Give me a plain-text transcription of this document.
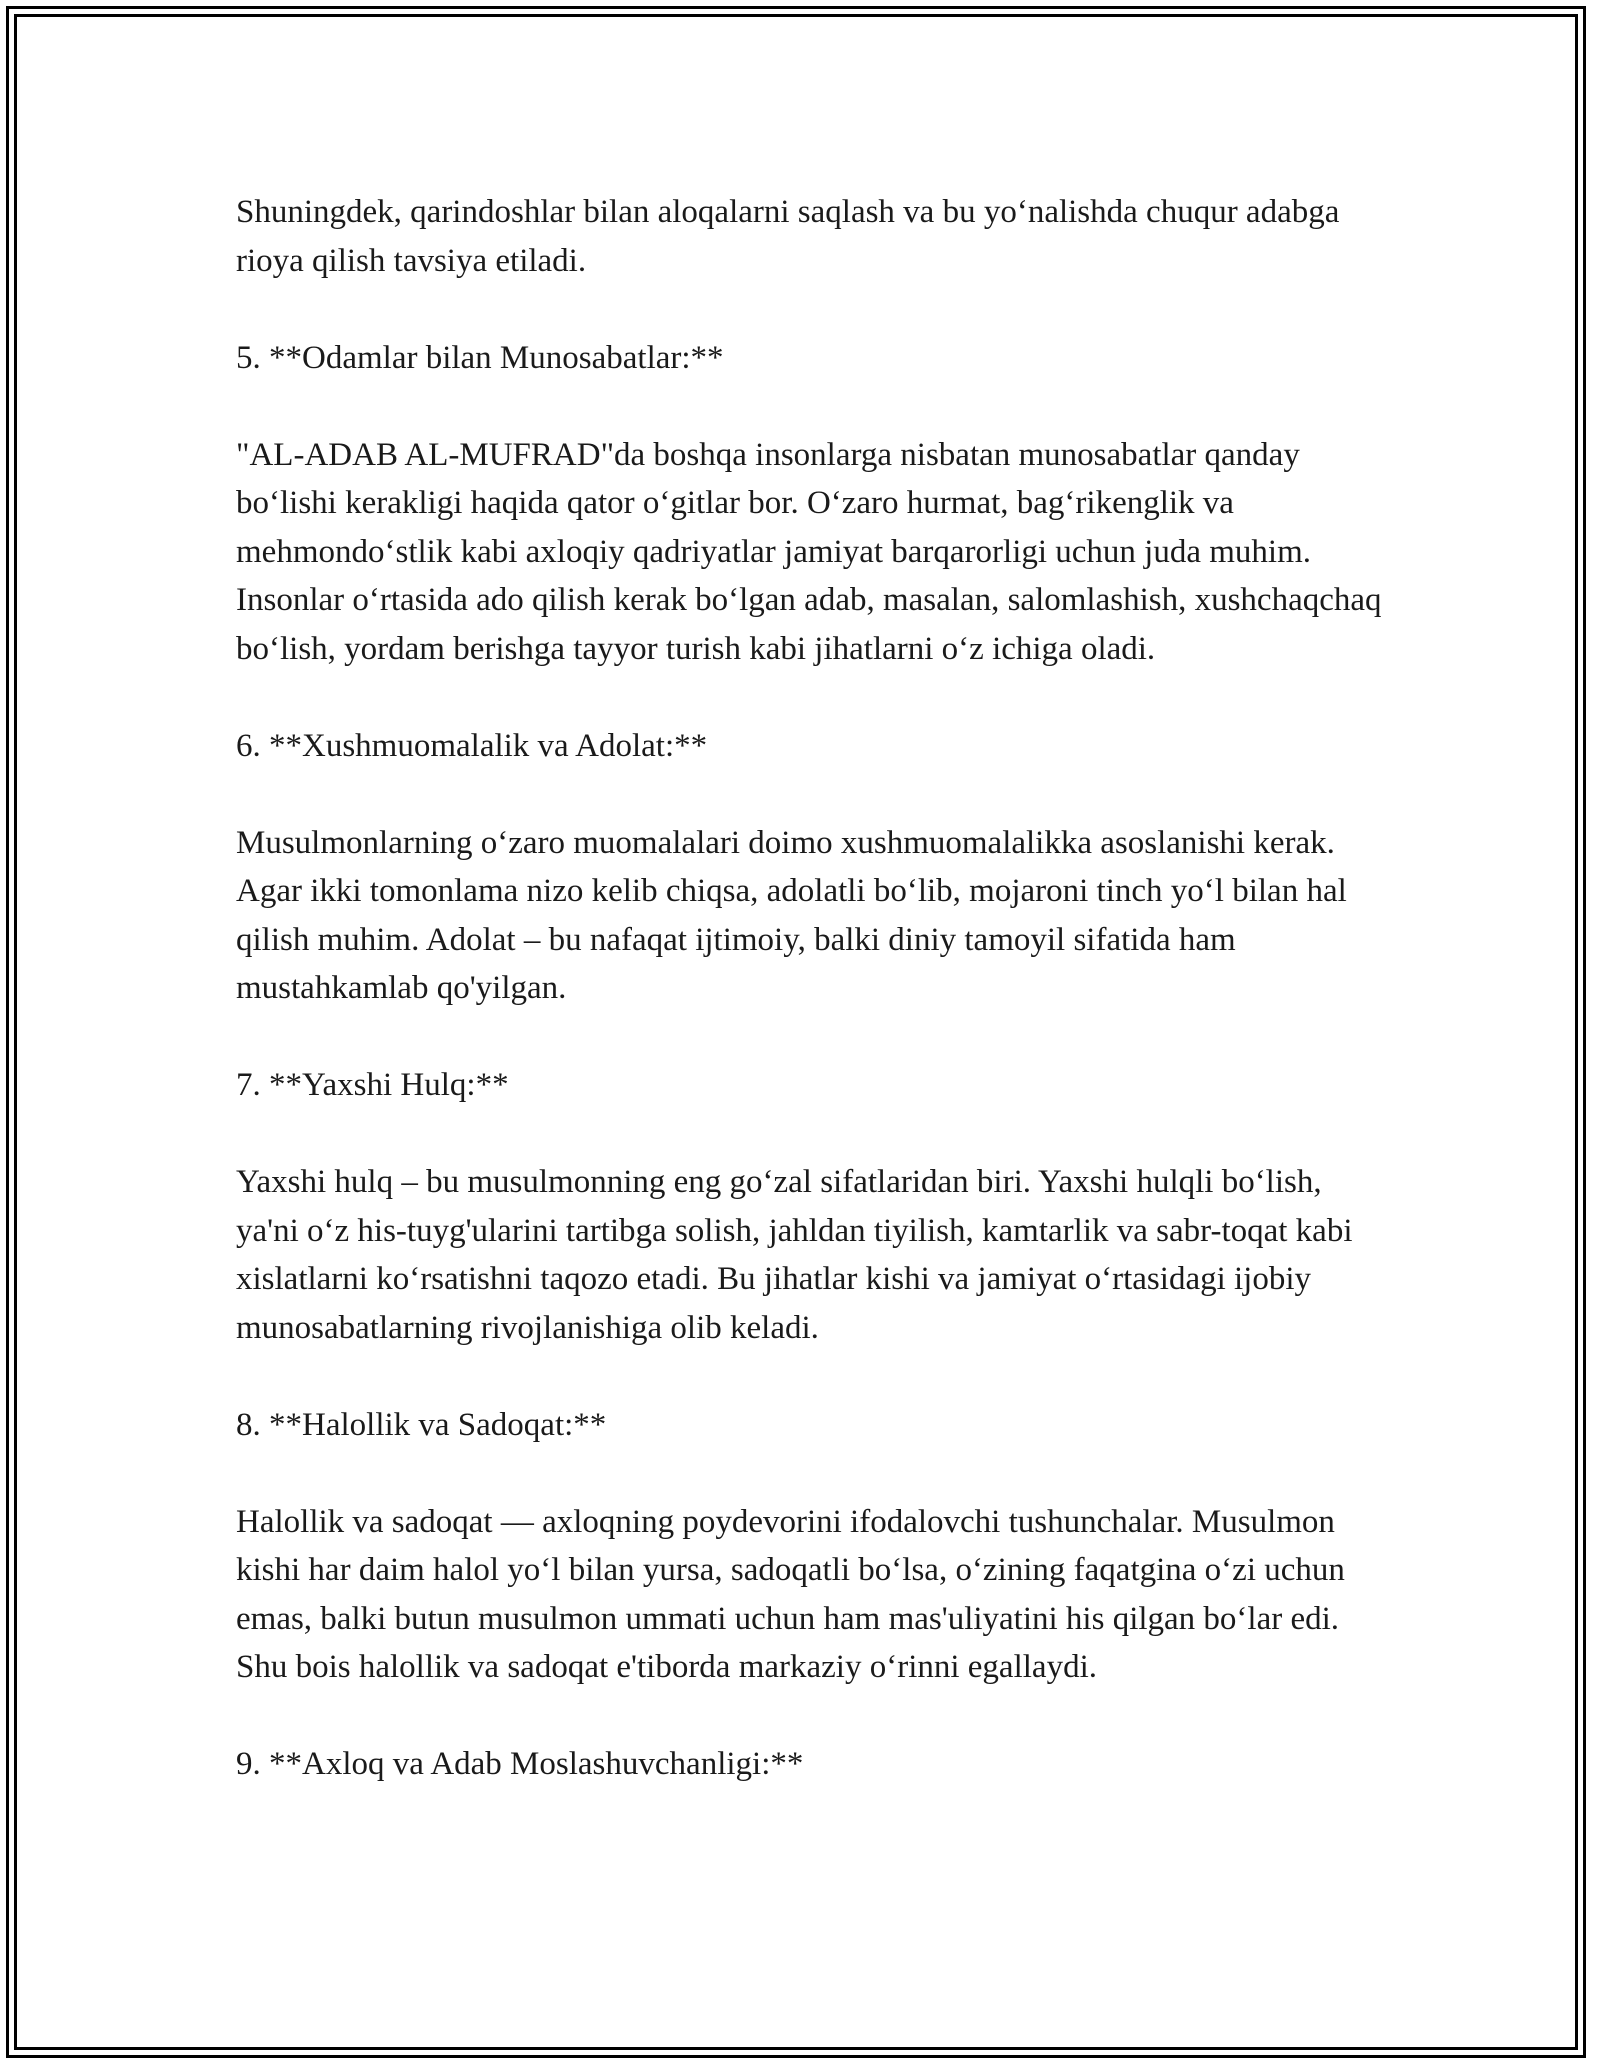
Shuningdek, qarindoshlar bilan aloqalarni saqlash va bu yo‘nalishda chuqur adabga rioya qilish tavsiya etiladi.

5. **Odamlar bilan Munosabatlar:**

"AL-ADAB AL-MUFRAD"da boshqa insonlarga nisbatan munosabatlar qanday bo‘lishi kerakligi haqida qator o‘gitlar bor. O‘zaro hurmat, bag‘rikenglik va mehmondo‘stlik kabi axloqiy qadriyatlar jamiyat barqarorligi uchun juda muhim. Insonlar o‘rtasida ado qilish kerak bo‘lgan adab, masalan, salomlashish, xushchaqchaq bo‘lish, yordam berishga tayyor turish kabi jihatlarni o‘z ichiga oladi.

6. **Xushmuomalalik va Adolat:**

Musulmonlarning o‘zaro muomalalari doimo xushmuomalalikka asoslanishi kerak. Agar ikki tomonlama nizo kelib chiqsa, adolatli bo‘lib, mojaroni tinch yo‘l bilan hal qilish muhim. Adolat – bu nafaqat ijtimoiy, balki diniy tamoyil sifatida ham mustahkamlab qo'yilgan.

7. **Yaxshi Hulq:**

Yaxshi hulq – bu musulmonning eng go‘zal sifatlaridan biri. Yaxshi hulqli bo‘lish, ya'ni o‘z his-tuyg'ularini tartibga solish, jahldan tiyilish, kamtarlik va sabr-toqat kabi xislatlarni ko‘rsatishni taqozo etadi. Bu jihatlar kishi va jamiyat o‘rtasidagi ijobiy munosabatlarning rivojlanishiga olib keladi.

8. **Halollik va Sadoqat:**

Halollik va sadoqat — axloqning poydevorini ifodalovchi tushunchalar. Musulmon kishi har daim halol yo‘l bilan yursa, sadoqatli bo‘lsa, o‘zining faqatgina o‘zi uchun emas, balki butun musulmon ummati uchun ham mas'uliyatini his qilgan bo‘lar edi. Shu bois halollik va sadoqat e'tiborda markaziy o‘rinni egallaydi.

9. **Axloq va Adab Moslashuvchanligi:**
